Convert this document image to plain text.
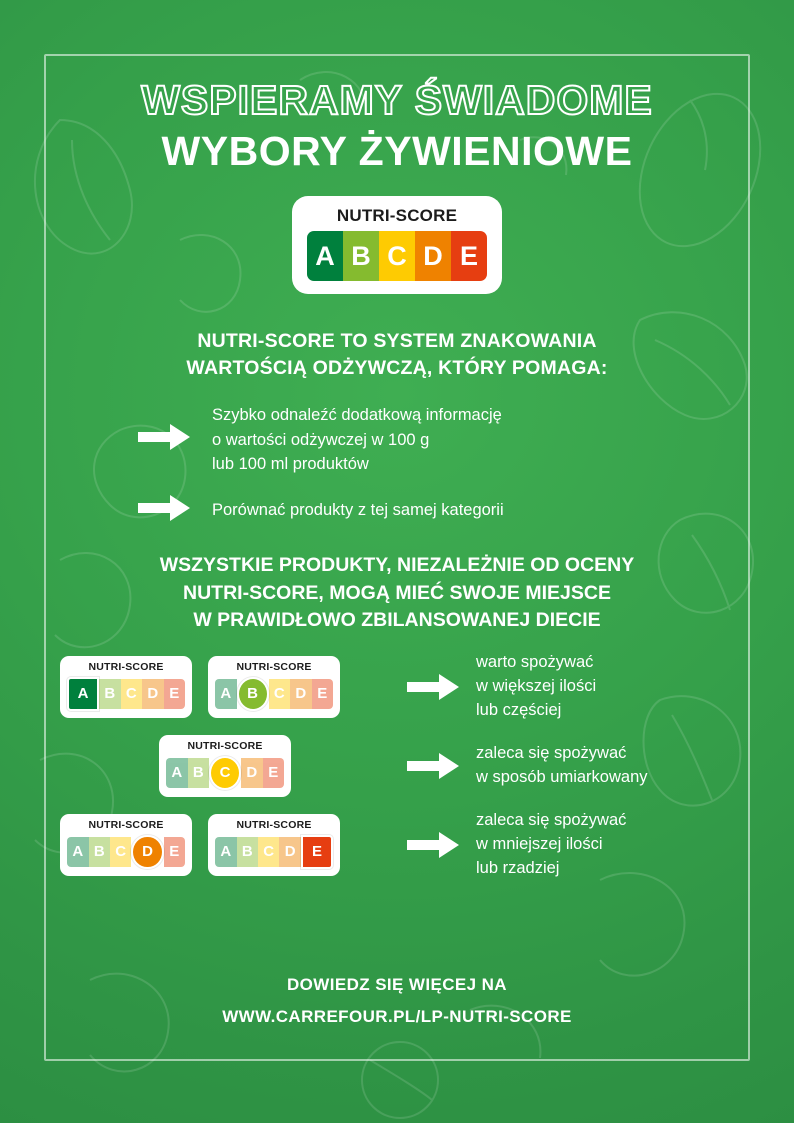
WSPIERAMY ŚWIADOME
WYBORY ŻYWIENIOWE
NUTRI-SCORE
A B C D E

NUTRI-SCORE TO SYSTEM ZNAKOWANIA
WARTOŚCIĄ ODŻYWCZĄ, KTÓRY POMAGA:

Szybko odnaleźć dodatkową informację
o wartości odżywczej w 100 g
lub 100 ml produktów
Porównać produkty z tej samej kategorii

WSZYSTKIE PRODUKTY, NIEZALEŻNIE OD OCENY
NUTRI-SCORE, MOGĄ MIEĆ SWOJE MIEJSCE
W PRAWIDŁOWO ZBILANSOWANEJ DIECIE

NUTRI-SCORE
A	B C D E
NUTRI-SCORE
A	B	C D E
warto spożywać
w większej ilości
lub częściej
NUTRI-SCORE
A B	C	D E
zaleca się spożywać
w sposób umiarkowany
NUTRI-SCORE
A B C	D	E
NUTRI-SCORE
A B C D	E
zaleca się spożywać
w mniejszej ilości
lub rzadziej
DOWIEDZ SIĘ WIĘCEJ NA
WWW.CARREFOUR.PL/LP-NUTRI-SCORE
